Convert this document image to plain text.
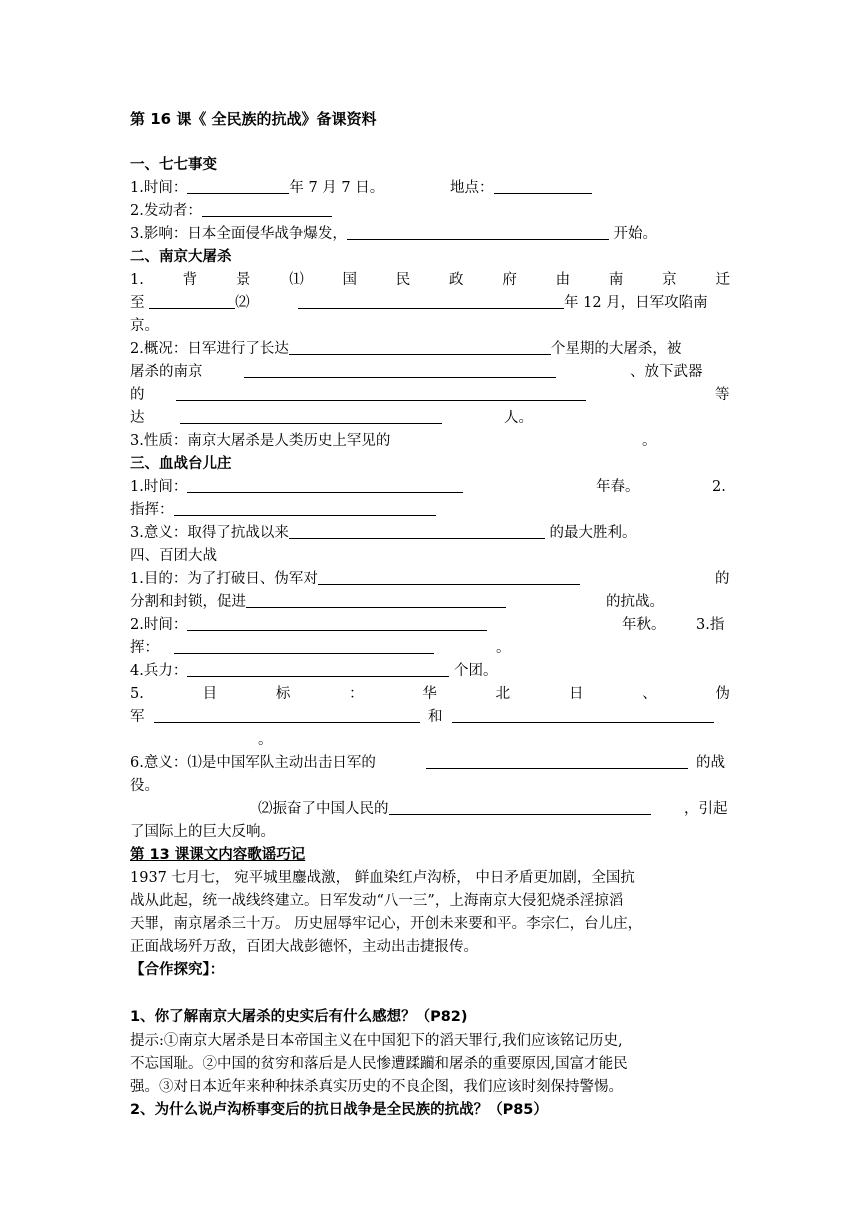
第 16 课《 全民族的抗战》备课资料
一、七七事变
1.时间：	年 7 月 7 日。	地点：
2.发动者：
3.影响：日本全面侵华战争爆发，	开始。
二、南京大屠杀
1.	背	景	⑴	国	民	政	府	由	南	京	迁
至	⑵	年 12 月，日军攻陷南
京。
2.概况：日军进行了长达	个星期的大屠杀，被
屠杀的南京	、放下武器
的	等
达	人。
3.性质：南京大屠杀是人类历史上罕见的	。
三、血战台儿庄
1.时间：	年春。	2.
指挥：
3.意义：取得了抗战以来	的最大胜利。
四、百团大战
1.目的：为了打破日、伪军对	的
分割和封锁，促进	的抗战。
2.时间：	年秋。 3.指
挥：	。
4.兵力：	个团。
5.	目	标	：	华	北	日	、	伪
军	和
。
6.意义：⑴是中国军队主动出击日军的	的战
役。
⑵振奋了中国人民的	，引起
了国际上的巨大反响。
第 13 课课文内容歌谣巧记
1937 七月七， 宛平城里鏖战激， 鲜血染红卢沟桥， 中日矛盾更加剧，全国抗
战从此起，统一战线终建立。日军发动“八一三”，上海南京大侵犯烧杀淫掠滔
天罪，南京屠杀三十万。 历史屈辱牢记心，开创未来要和平。李宗仁，台儿庄，
正面战场歼万敌，百团大战彭德怀，主动出击捷报传。
【合作探究】：
1、你了解南京大屠杀的史实后有什么感想？（P82)
提示:①南京大屠杀是日本帝国主义在中国犯下的滔天罪行,我们应该铭记历史,
不忘国耻。②中国的贫穷和落后是人民惨遭蹂躏和屠杀的重要原因,国富才能民
强。③对日本近年来种种抹杀真实历史的不良企图，我们应该时刻保持警惕。
2、为什么说卢沟桥事变后的抗日战争是全民族的抗战？（P85）
